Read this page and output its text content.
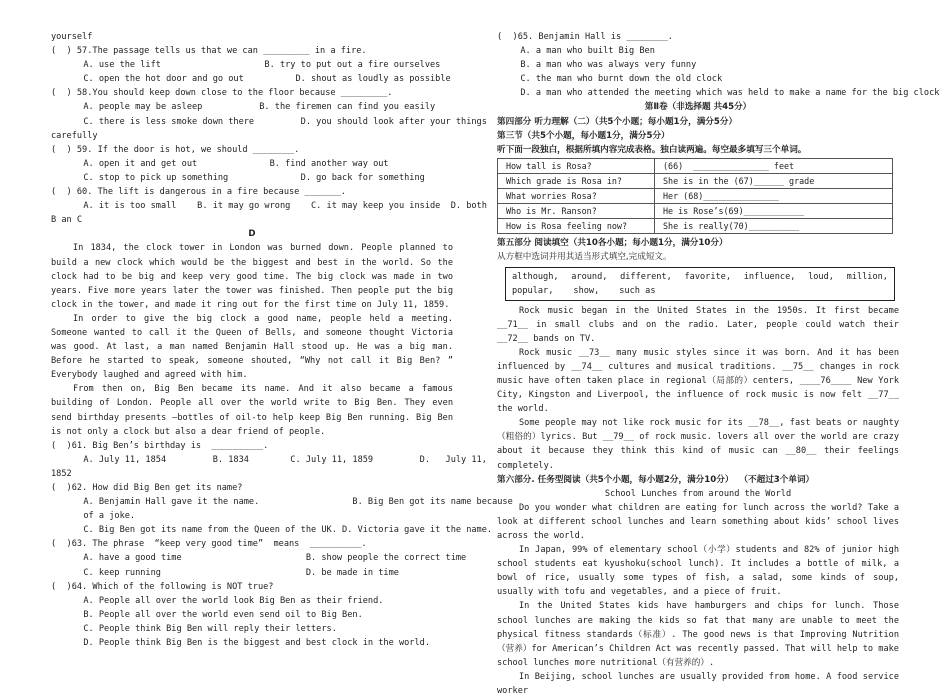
yourself
(  ) 57.The passage tells us that we can _________ in a fire.
A. use the lift                    B. try to put out a fire ourselves
C. open the hot door and go out          D. shout as loudly as possible
(  ) 58.You should keep down close to the floor because _________.
A. people may be asleep           B. the firemen can find you easily
C. there is less smoke down there         D. you should look after your things
carefully
(  ) 59. If the door is hot, we should ________.
A. open it and get out              B. find another way out
C. stop to pick up something              D. go back for something
(  ) 60. The lift is dangerous in a fire because _______.
A. it is too small    B. it may go wrong    C. it may keep you inside  D. both
B an C
D
In 1834, the clock tower in London was burned down. People planned to build a new clock which would be the biggest and best in the world. So the clock had to be big and keep very good time. The big clock was made in two years. Five more years later the tower was finished. Then people put the big clock in the tower, and made it ring out for the first time on July 11, 1859.
In order to give the big clock a good name, people held a meeting. Someone wanted to call it the Queen of Bells, and someone thought Victoria was good. At last, a man named Benjamin Hall stood up. He was a big man. Before he started to speak, someone shouted, “Why not call it Big Ben? ” Everybody laughed and agreed with him.
From then on, Big Ben became its name. And it also became a famous building of London. People all over the world write to Big Ben. They even send birthday presents —bottles of oil-to help keep Big Ben running. Big Ben is not only a clock but also a dear friend of people.
(  )61. Big Ben’s birthday is  __________.
A. July 11, 1854         B. 1834        C. July 11, 1859         D.   July 11,
1852
(  )62. How did Big Ben get its name?
A. Benjamin Hall gave it the name.                  B. Big Ben got its name because
of a joke.
C. Big Ben got its name from the Queen of the UK. D. Victoria gave it the name.
(  )63. The phrase  “keep very good time”  means  __________.
A. have a good time                        B. show people the correct time
C. keep running                            D. be made in time
(  )64. Which of the following is NOT true?
A. People all over the world look Big Ben as their friend.
B. People all over the world even send oil to Big Ben.
C. People think Big Ben will reply their letters.
D. People think Big Ben is the biggest and best clock in the world.
(  )65. Benjamin Hall is ________.
A. a man who built Big Ben
B. a man who was always very funny
C. the man who burnt down the old clock
D. a man who attended the meeting which was held to make a name for the big clock
第Ⅱ卷（非选择题 共45分）
第四部分 听力理解（二）（共5个小题；每小题1分，满分5分）
第三节（共5个小题，每小题1分，满分5分）
听下面一段独白，根据所填内容完成表格。独白读两遍。每空最多填写三个单词。
How tall is Rosa?	(66)  _______________ feet
Which grade is Rosa in?	She is in the (67)______ grade
What worries Rosa?	Her (68)_______________
Who is Mr. Ranson?	He is Rose’s(69)____________
How is Rosa feeling now?	She is really(70)__________
第五部分 阅读填空（共10各小题；每小题1分，满分10分）
从方框中选词并用其适当形式填空,完成短文。
although, around, different, favorite, influence, loud, million,
popular, show, such as
Rock music began in the United States in the 1950s. It first became __71__ in small clubs and on the radio. Later, people could watch their __72__ bands on TV.
Rock music __73__ many music styles since it was born. And it has been influenced by __74__ cultures and musical traditions. __75__ changes in rock music have often taken place in regional（局部的）centers, ____76____ New York City, Kingston and Liverpool, the influence of rock music is now felt __77__ the world.
Some people may not like rock music for its __78__, fast beats or naughty（粗俗的）lyrics. But __79__ of rock music. lovers all over the world are crazy about it because they think this kind of music can __80__ their feelings completely.
第六部分. 任务型阅读（共5个小题，每小题2分，满分10分）  （不超过3个单词）
School Lunches from around the World
Do you wonder what children are eating for lunch across the world? Take a look at different school lunches and learn something about kids’ school lives across the world.
In Japan, 99% of elementary school（小学）students and 82% of junior high school students eat kyushoku(school lunch). It includes a bottle of milk, a bowl of rice, usually some types of fish, a salad, some kinds of soup, usually with tofu and vegetables, and a piece of fruit.
In the United States kids have hamburgers and chips for lunch. Those school lunches are making the kids so fat that many are unable to meet the physical fitness standards（标准）. The good news is that Improving Nutrition（营养）for American’s Children Act was recently passed. That will help to make school lunches more nutritional（有营养的）.
In Beijing, school lunches are usually provided from home. A food service worker
